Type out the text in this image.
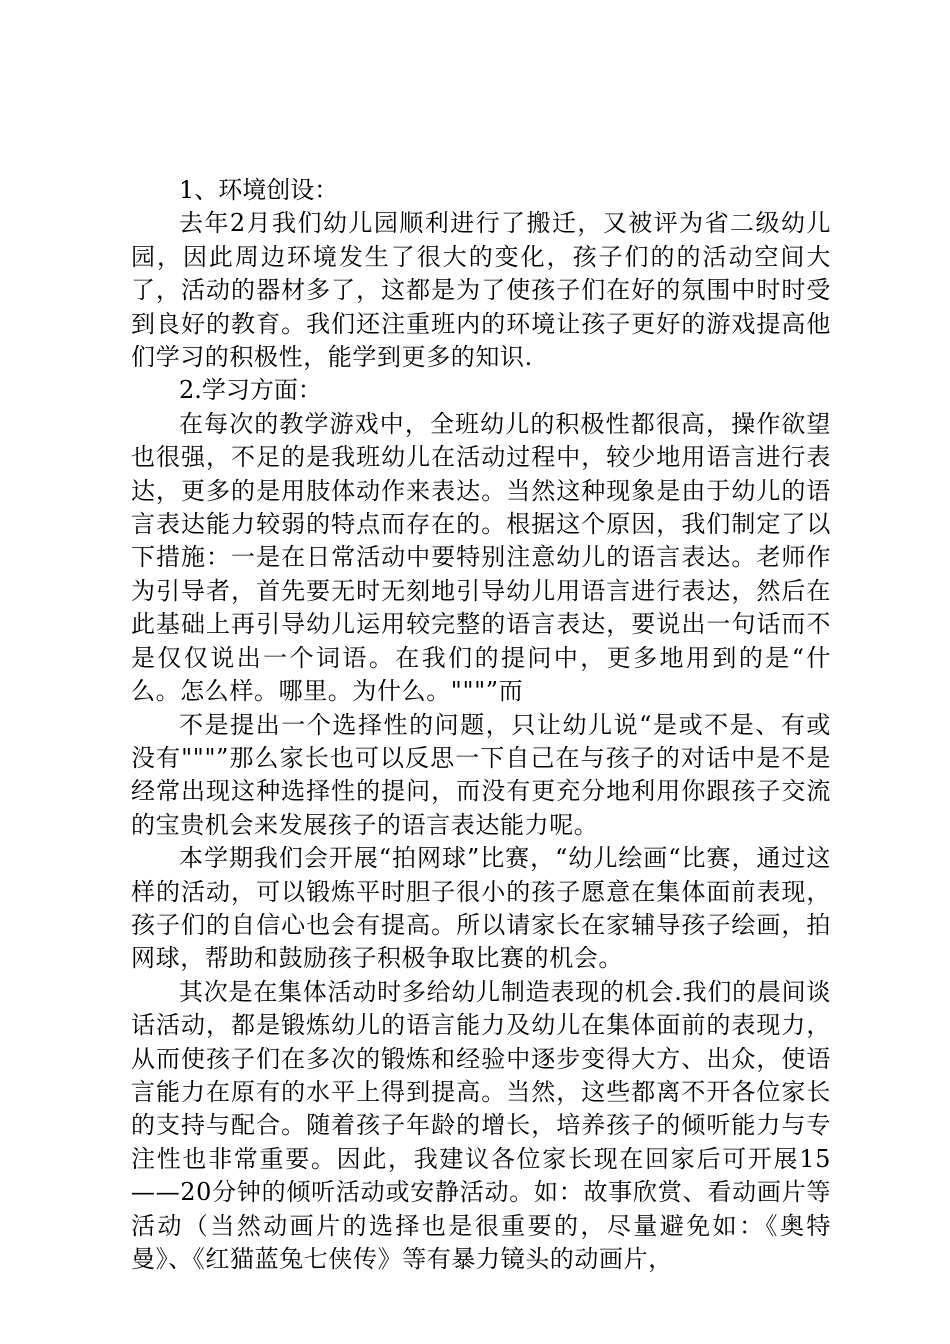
1、环境创设：

去年2月我们幼儿园顺利进行了搬迁，又被评为省二级幼儿园，因此周边环境发生了很大的变化，孩子们的的活动空间大了，活动的器材多了，这都是为了使孩子们在好的氛围中时时受到良好的教育。我们还注重班内的环境让孩子更好的游戏提高他们学习的积极性，能学到更多的知识.

2.学习方面：

在每次的教学游戏中，全班幼儿的积极性都很高，操作欲望也很强，不足的是我班幼儿在活动过程中，较少地用语言进行表达，更多的是用肢体动作来表达。当然这种现象是由于幼儿的语言表达能力较弱的特点而存在的。根据这个原因，我们制定了以下措施：一是在日常活动中要特别注意幼儿的语言表达。老师作为引导者，首先要无时无刻地引导幼儿用语言进行表达，然后在此基础上再引导幼儿运用较完整的语言表达，要说出一句话而不是仅仅说出一个词语。在我们的提问中，更多地用到的是“什么。怎么样。哪里。为什么。"""”而

不是提出一个选择性的问题，只让幼儿说“是或不是、有或没有"""”那么家长也可以反思一下自己在与孩子的对话中是不是经常出现这种选择性的提问，而没有更充分地利用你跟孩子交流的宝贵机会来发展孩子的语言表达能力呢。

本学期我们会开展“拍网球”比赛，“幼儿绘画“比赛，通过这样的活动，可以锻炼平时胆子很小的孩子愿意在集体面前表现，孩子们的自信心也会有提高。所以请家长在家辅导孩子绘画，拍网球，帮助和鼓励孩子积极争取比赛的机会。

其次是在集体活动时多给幼儿制造表现的机会.我们的晨间谈话活动，都是锻炼幼儿的语言能力及幼儿在集体面前的表现力，从而使孩子们在多次的锻炼和经验中逐步变得大方、出众，使语言能力在原有的水平上得到提高。当然，这些都离不开各位家长的支持与配合。随着孩子年龄的增长，培养孩子的倾听能力与专注性也非常重要。因此，我建议各位家长现在回家后可开展15——20分钟的倾听活动或安静活动。如：故事欣赏、看动画片等活动（当然动画片的选择也是很重要的，尽量避免如：《奥特曼》、《红猫蓝兔七侠传》等有暴力镜头的动画片，
